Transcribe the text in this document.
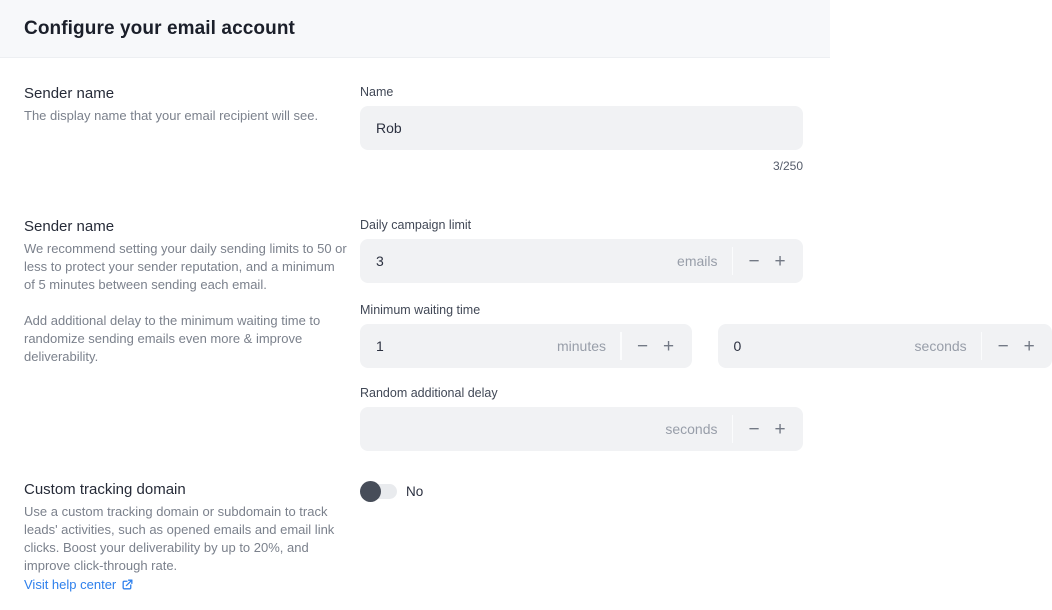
Configure your email account
Sender name

The display name that your email recipient will see.

Name
Rob
3/250
Sender name

We recommend setting your daily sending limits to 50 or less to protect your sender reputation, and a minimum of 5 minutes between sending each email.

Add additional delay to the minimum waiting time to randomize sending emails even more & improve deliverability.

Daily campaign limit
3
emails	− +
Minimum waiting time
1
minutes	− +
0	seconds	− +
Random additional delay
seconds	− +
Custom tracking domain

Use a custom tracking domain or subdomain to track leads' activities, such as opened emails and email link clicks. Boost your deliverability by up to 20%, and improve click-through rate.

Visit help center
No
